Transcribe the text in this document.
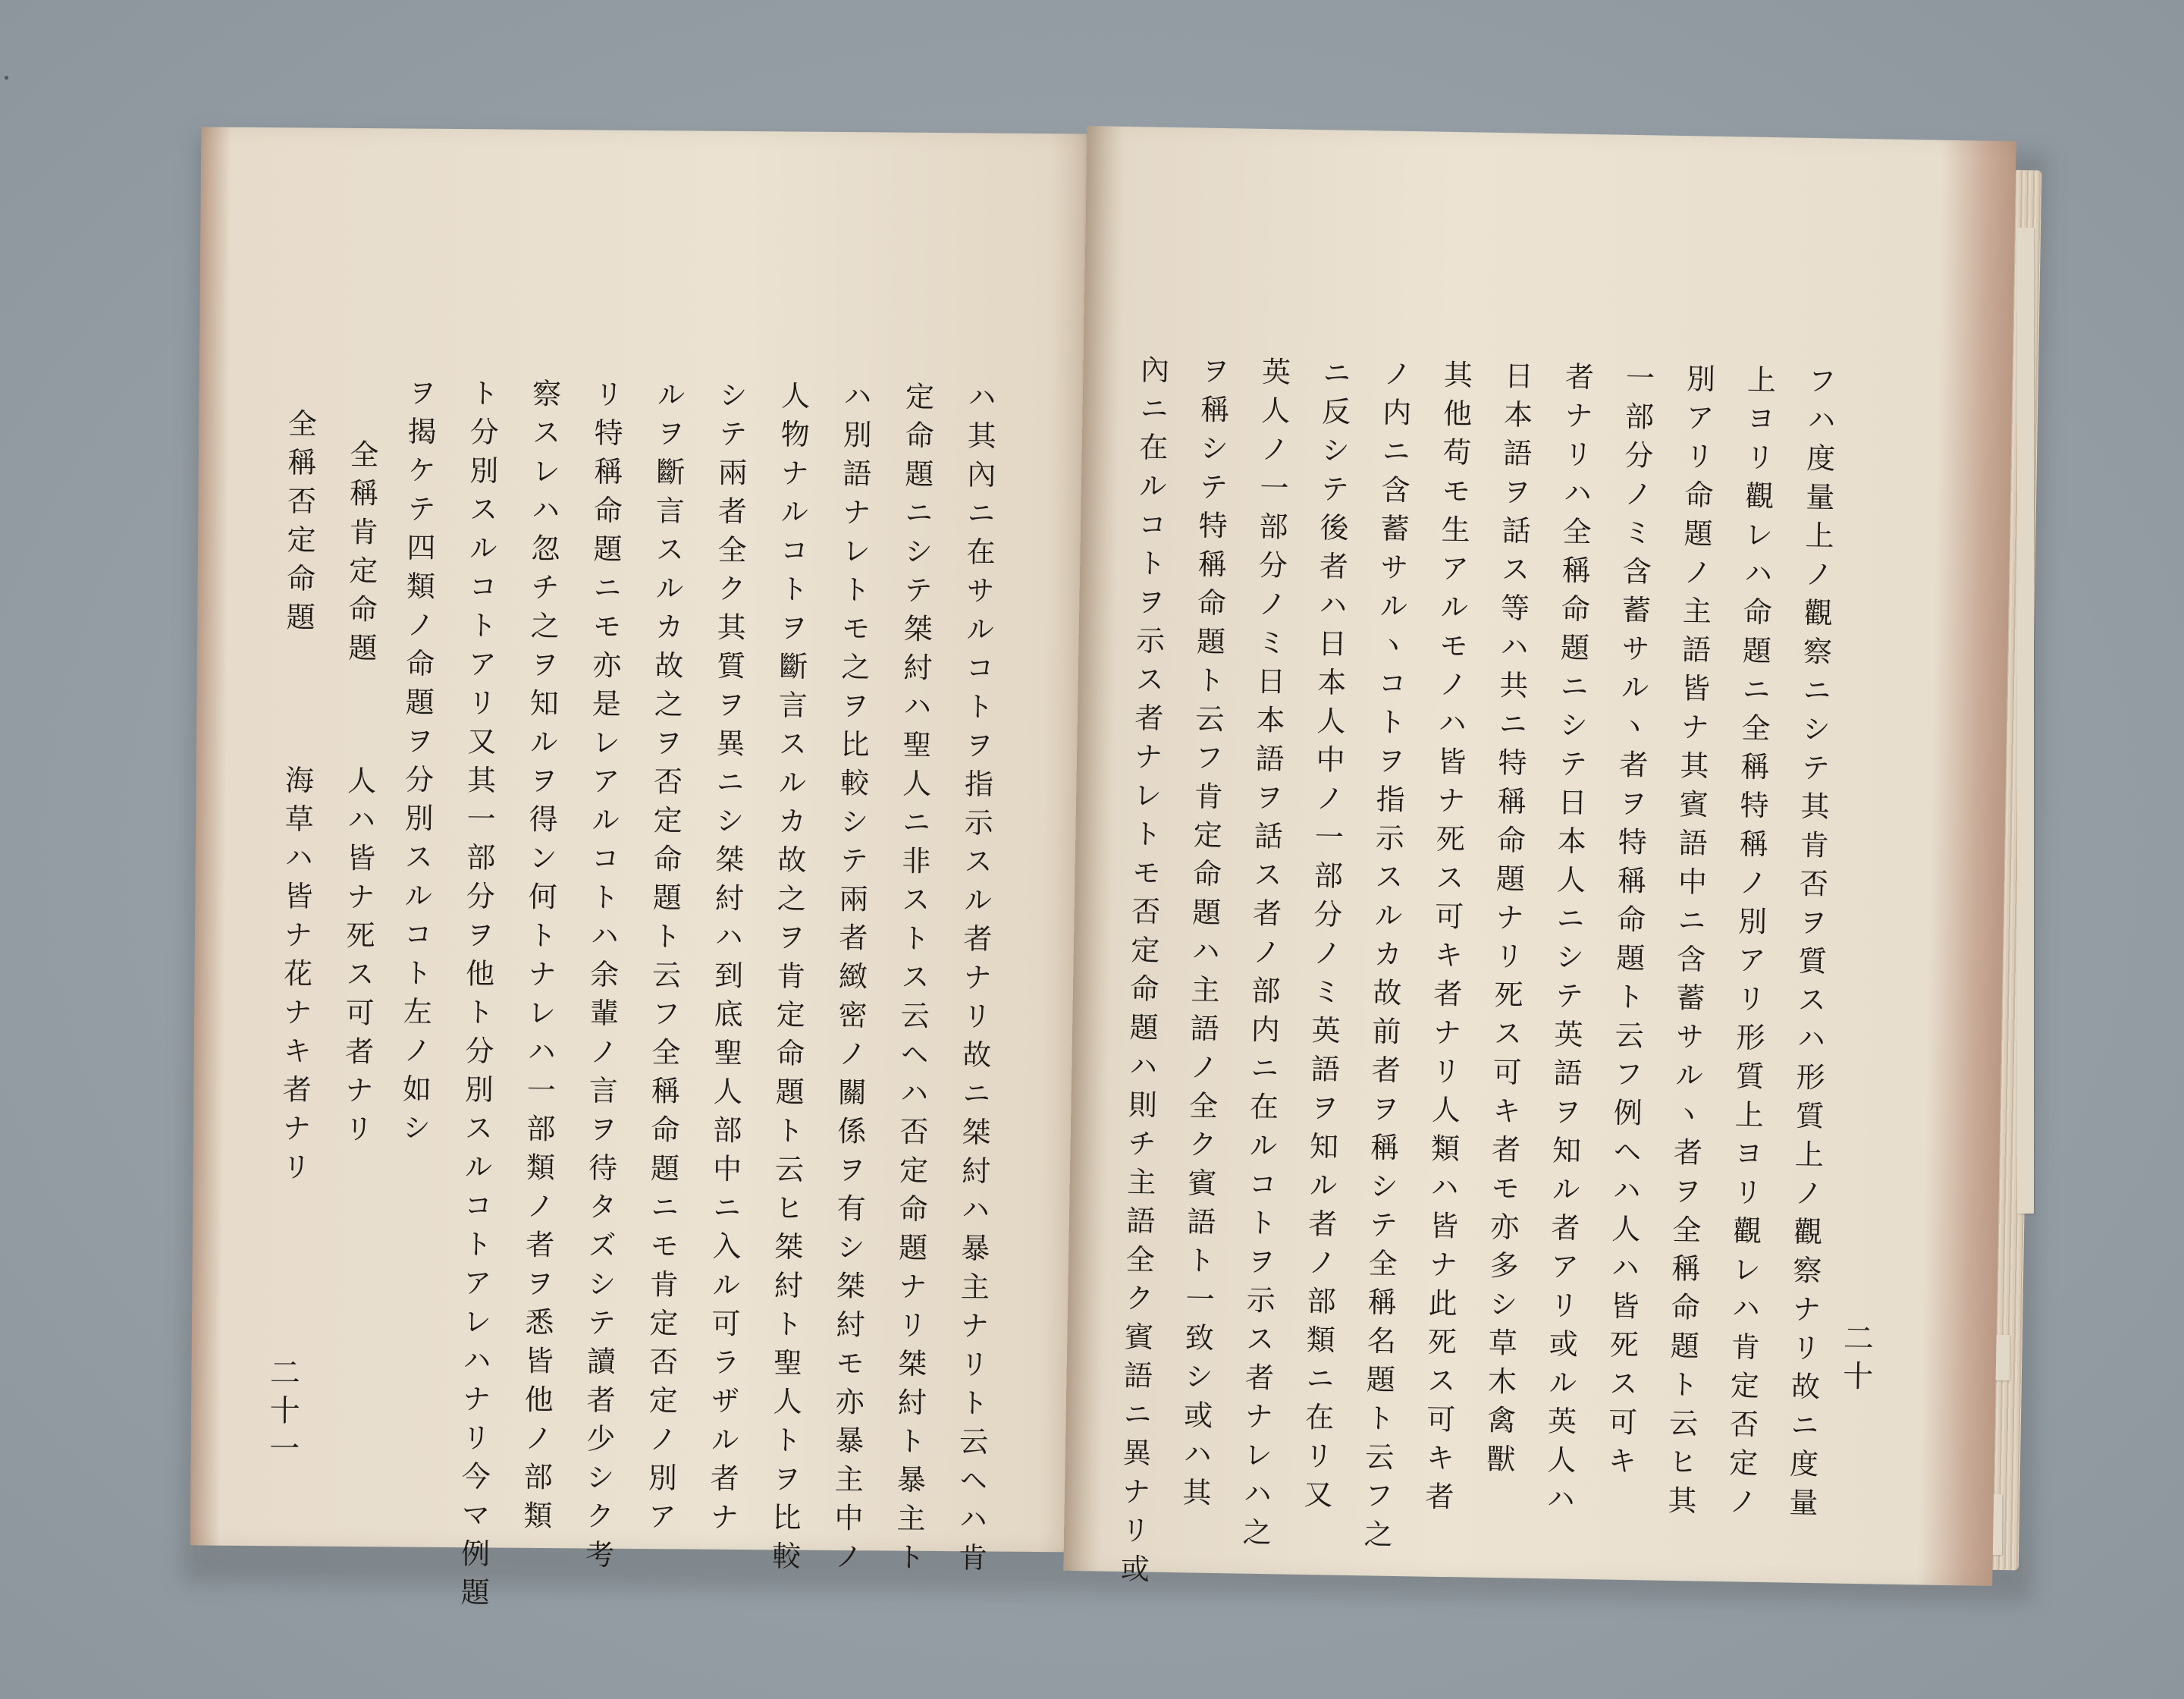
ハ其內ニ在サルコトヲ指示スル者ナリ故ニ桀紂ハ暴主ナリト云ヘハ肯
定命題ニシテ桀紂ハ聖人ニ非ストス云ヘハ否定命題ナリ桀紂ト暴主ト
ハ別語ナレトモ之ヲ比較シテ兩者緻密ノ關係ヲ有シ桀紂モ亦暴主中ノ
人物ナルコトヲ斷言スルカ故之ヲ肯定命題ト云ヒ桀紂ト聖人トヲ比較
シテ兩者全ク其質ヲ異ニシ桀紂ハ到底聖人部中ニ入ル可ラザル者ナ
ルヲ斷言スルカ故之ヲ否定命題ト云フ全稱命題ニモ肯定否定ノ別ア
リ特稱命題ニモ亦是レアルコトハ余輩ノ言ヲ待タズシテ讀者少シク考
察スレハ忽チ之ヲ知ルヲ得ン何トナレハ一部類ノ者ヲ悉皆他ノ部類
ト分別スルコトアリ又其一部分ヲ他ト分別スルコトアレハナリ今マ例題
ヲ揭ケテ四類ノ命題ヲ分別スルコト左ノ如シ
全稱肯定命題
人ハ皆ナ死ス可者ナリ
全稱否定命題
海草ハ皆ナ花ナキ者ナリ
二十一	フハ度量上ノ觀察ニシテ其肯否ヲ質スハ形質上ノ觀察ナリ故ニ度量
上ヨリ觀レハ命題ニ全稱特稱ノ別アリ形質上ヨリ觀レハ肯定否定ノ
別アリ命題ノ主語皆ナ其賓語中ニ含蓄サルヽ者ヲ全稱命題ト云ヒ其
一部分ノミ含蓄サルヽ者ヲ特稱命題ト云フ例ヘハ人ハ皆死ス可キ
者ナリハ全稱命題ニシテ日本人ニシテ英語ヲ知ル者アリ或ル英人ハ
日本語ヲ話ス等ハ共ニ特稱命題ナリ死ス可キ者モ亦多シ草木禽獸
其他苟モ生アルモノハ皆ナ死ス可キ者ナリ人類ハ皆ナ此死ス可キ者
ノ内ニ含蓄サルヽコトヲ指示スルカ故前者ヲ稱シテ全稱名題ト云フ之
ニ反シテ後者ハ日本人中ノ一部分ノミ英語ヲ知ル者ノ部類ニ在リ又
英人ノ一部分ノミ日本語ヲ話ス者ノ部内ニ在ルコトヲ示ス者ナレハ之
ヲ稱シテ特稱命題ト云フ肯定命題ハ主語ノ全ク賓語ト一致シ或ハ其
內ニ在ルコトヲ示ス者ナレトモ否定命題ハ則チ主語全ク賓語ニ異ナリ或	二十
